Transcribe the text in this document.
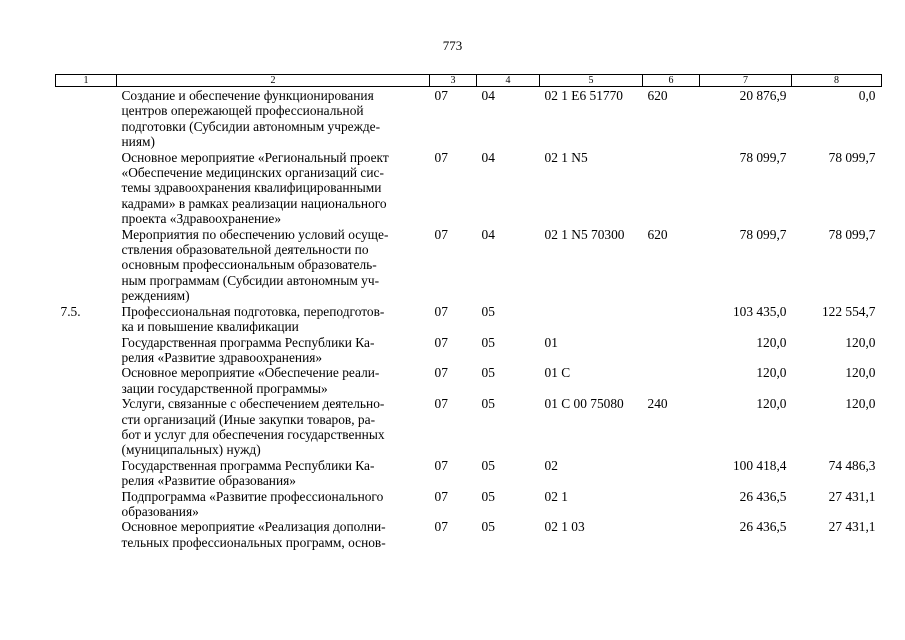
773
1	2	3	4	5	6	7	8
	Создание и обеспечение функционирования
центров опережающей профессиональной
подготовки (Субсидии автономным учрежде-
ниям)	07	04	02 1 E6 51770	620	20 876,9	0,0
	Основное мероприятие «Региональный проект
«Обеспечение медицинских организаций сис-
темы здравоохранения квалифицированными
кадрами» в рамках реализации национального
проекта «Здравоохранение»	07	04	02 1 N5		78 099,7	78 099,7
	Мероприятия по обеспечению условий осуще-
ствления образовательной деятельности по
основным профессиональным образователь-
ным программам (Субсидии автономным уч-
реждениям)	07	04	02 1 N5 70300	620	78 099,7	78 099,7
7.5.	Профессиональная подготовка, переподготов-
ка и повышение квалификации	07	05			103 435,0	122 554,7
	Государственная программа Республики Ка-
релия «Развитие здравоохранения»	07	05	01		120,0	120,0
	Основное мероприятие «Обеспечение реали-
зации государственной программы»	07	05	01 С		120,0	120,0
	Услуги, связанные с обеспечением деятельно-
сти организаций (Иные закупки товаров, ра-
бот и услуг для обеспечения государственных
(муниципальных) нужд)	07	05	01 С 00 75080	240	120,0	120,0
	Государственная программа Республики Ка-
релия «Развитие образования»	07	05	02		100 418,4	74 486,3
	Подпрограмма «Развитие профессионального
образования»	07	05	02 1		26 436,5	27 431,1
	Основное мероприятие «Реализация дополни-
тельных профессиональных программ, основ-	07	05	02 1 03		26 436,5	27 431,1
